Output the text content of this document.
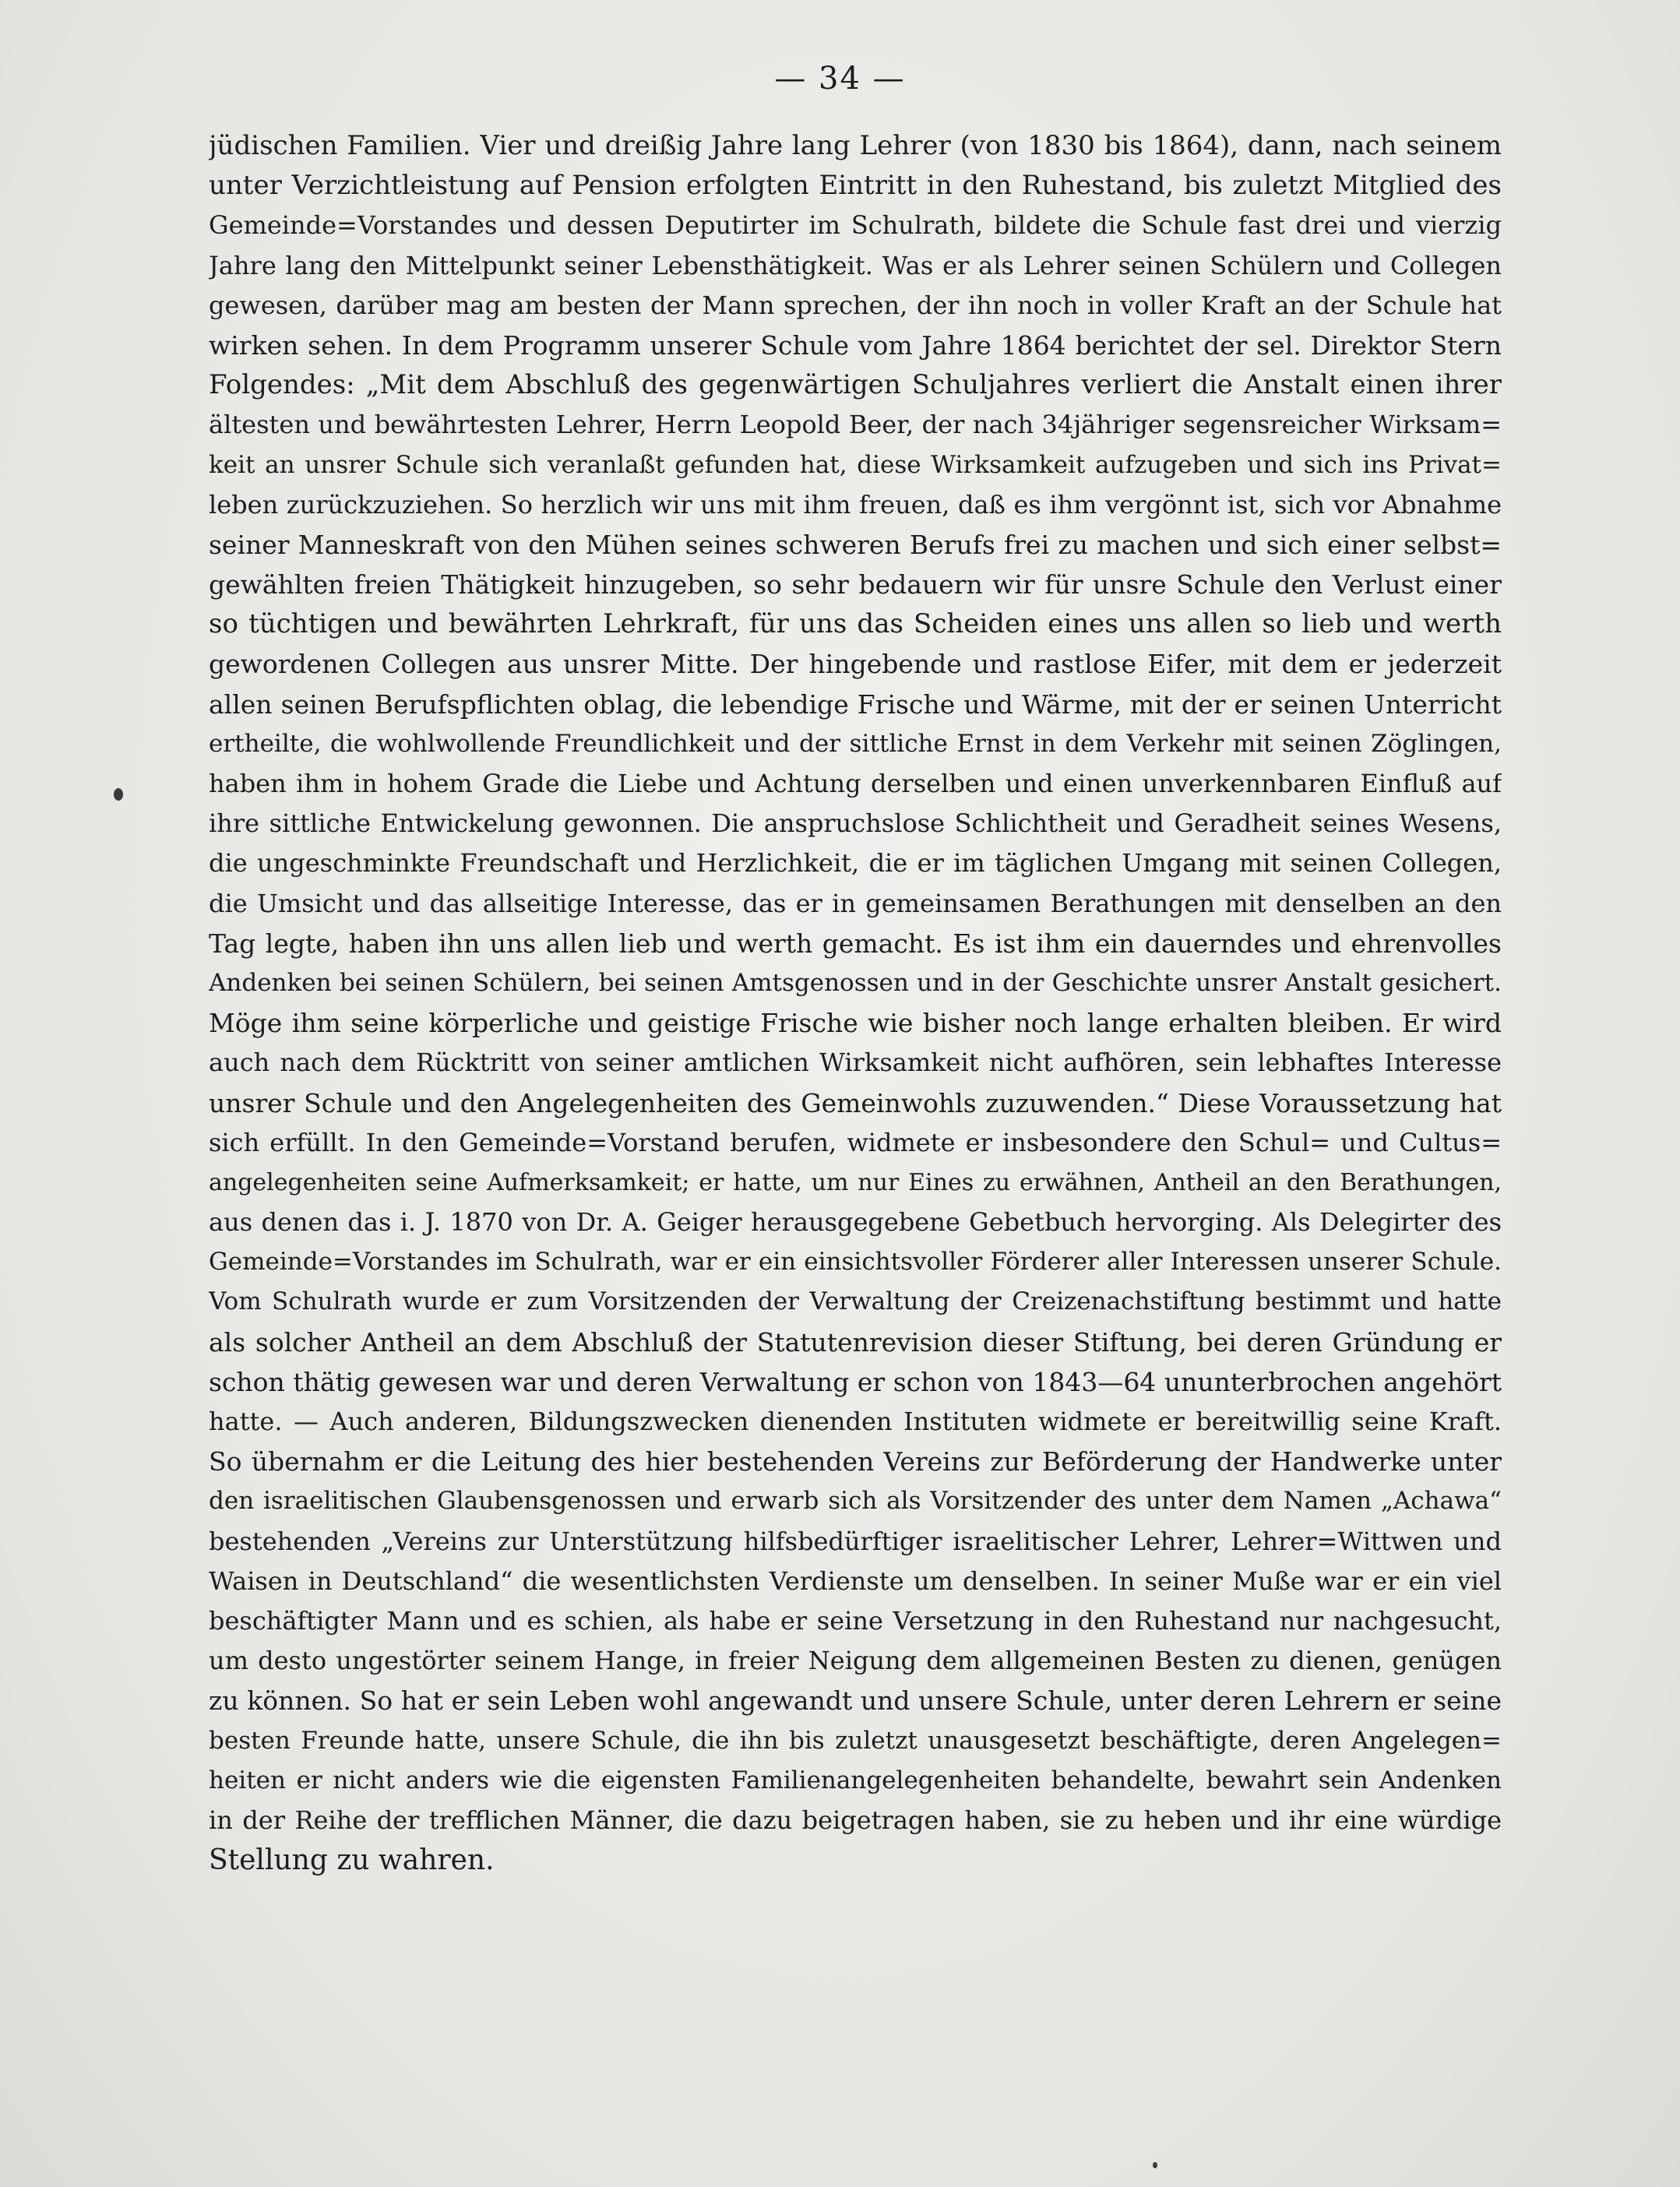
— 34 —
jüdischen Familien. Vier und dreißig Jahre lang Lehrer (von 1830 bis 1864), dann, nach seinem
unter Verzichtleistung auf Pension erfolgten Eintritt in den Ruhestand, bis zuletzt Mitglied des
Gemeinde=Vorstandes und dessen Deputirter im Schulrath, bildete die Schule fast drei und vierzig
Jahre lang den Mittelpunkt seiner Lebensthätigkeit. Was er als Lehrer seinen Schülern und Collegen
gewesen, darüber mag am besten der Mann sprechen, der ihn noch in voller Kraft an der Schule hat
wirken sehen. In dem Programm unserer Schule vom Jahre 1864 berichtet der sel. Direktor Stern
Folgendes: „Mit dem Abschluß des gegenwärtigen Schuljahres verliert die Anstalt einen ihrer
ältesten und bewährtesten Lehrer, Herrn Leopold Beer, der nach 34jähriger segensreicher Wirksam=
keit an unsrer Schule sich veranlaßt gefunden hat, diese Wirksamkeit aufzugeben und sich ins Privat=
leben zurückzuziehen. So herzlich wir uns mit ihm freuen, daß es ihm vergönnt ist, sich vor Abnahme
seiner Manneskraft von den Mühen seines schweren Berufs frei zu machen und sich einer selbst=
gewählten freien Thätigkeit hinzugeben, so sehr bedauern wir für unsre Schule den Verlust einer
so tüchtigen und bewährten Lehrkraft, für uns das Scheiden eines uns allen so lieb und werth
gewordenen Collegen aus unsrer Mitte. Der hingebende und rastlose Eifer, mit dem er jederzeit
allen seinen Berufspflichten oblag, die lebendige Frische und Wärme, mit der er seinen Unterricht
ertheilte, die wohlwollende Freundlichkeit und der sittliche Ernst in dem Verkehr mit seinen Zöglingen,
haben ihm in hohem Grade die Liebe und Achtung derselben und einen unverkennbaren Einfluß auf
ihre sittliche Entwickelung gewonnen. Die anspruchslose Schlichtheit und Geradheit seines Wesens,
die ungeschminkte Freundschaft und Herzlichkeit, die er im täglichen Umgang mit seinen Collegen,
die Umsicht und das allseitige Interesse, das er in gemeinsamen Berathungen mit denselben an den
Tag legte, haben ihn uns allen lieb und werth gemacht. Es ist ihm ein dauerndes und ehrenvolles
Andenken bei seinen Schülern, bei seinen Amtsgenossen und in der Geschichte unsrer Anstalt gesichert.
Möge ihm seine körperliche und geistige Frische wie bisher noch lange erhalten bleiben. Er wird
auch nach dem Rücktritt von seiner amtlichen Wirksamkeit nicht aufhören, sein lebhaftes Interesse
unsrer Schule und den Angelegenheiten des Gemeinwohls zuzuwenden.“ Diese Voraussetzung hat
sich erfüllt. In den Gemeinde=Vorstand berufen, widmete er insbesondere den Schul= und Cultus=
angelegenheiten seine Aufmerksamkeit; er hatte, um nur Eines zu erwähnen, Antheil an den Berathungen,
aus denen das i. J. 1870 von Dr. A. Geiger herausgegebene Gebetbuch hervorging. Als Delegirter des
Gemeinde=Vorstandes im Schulrath, war er ein einsichtsvoller Förderer aller Interessen unserer Schule.
Vom Schulrath wurde er zum Vorsitzenden der Verwaltung der Creizenachstiftung bestimmt und hatte
als solcher Antheil an dem Abschluß der Statutenrevision dieser Stiftung, bei deren Gründung er
schon thätig gewesen war und deren Verwaltung er schon von 1843—64 ununterbrochen angehört
hatte. — Auch anderen, Bildungszwecken dienenden Instituten widmete er bereitwillig seine Kraft.
So übernahm er die Leitung des hier bestehenden Vereins zur Beförderung der Handwerke unter
den israelitischen Glaubensgenossen und erwarb sich als Vorsitzender des unter dem Namen „Achawa“
bestehenden „Vereins zur Unterstützung hilfsbedürftiger israelitischer Lehrer, Lehrer=Wittwen und
Waisen in Deutschland“ die wesentlichsten Verdienste um denselben. In seiner Muße war er ein viel
beschäftigter Mann und es schien, als habe er seine Versetzung in den Ruhestand nur nachgesucht,
um desto ungestörter seinem Hange, in freier Neigung dem allgemeinen Besten zu dienen, genügen
zu können. So hat er sein Leben wohl angewandt und unsere Schule, unter deren Lehrern er seine
besten Freunde hatte, unsere Schule, die ihn bis zuletzt unausgesetzt beschäftigte, deren Angelegen=
heiten er nicht anders wie die eigensten Familienangelegenheiten behandelte, bewahrt sein Andenken
in der Reihe der trefflichen Männer, die dazu beigetragen haben, sie zu heben und ihr eine würdige
Stellung zu wahren.
